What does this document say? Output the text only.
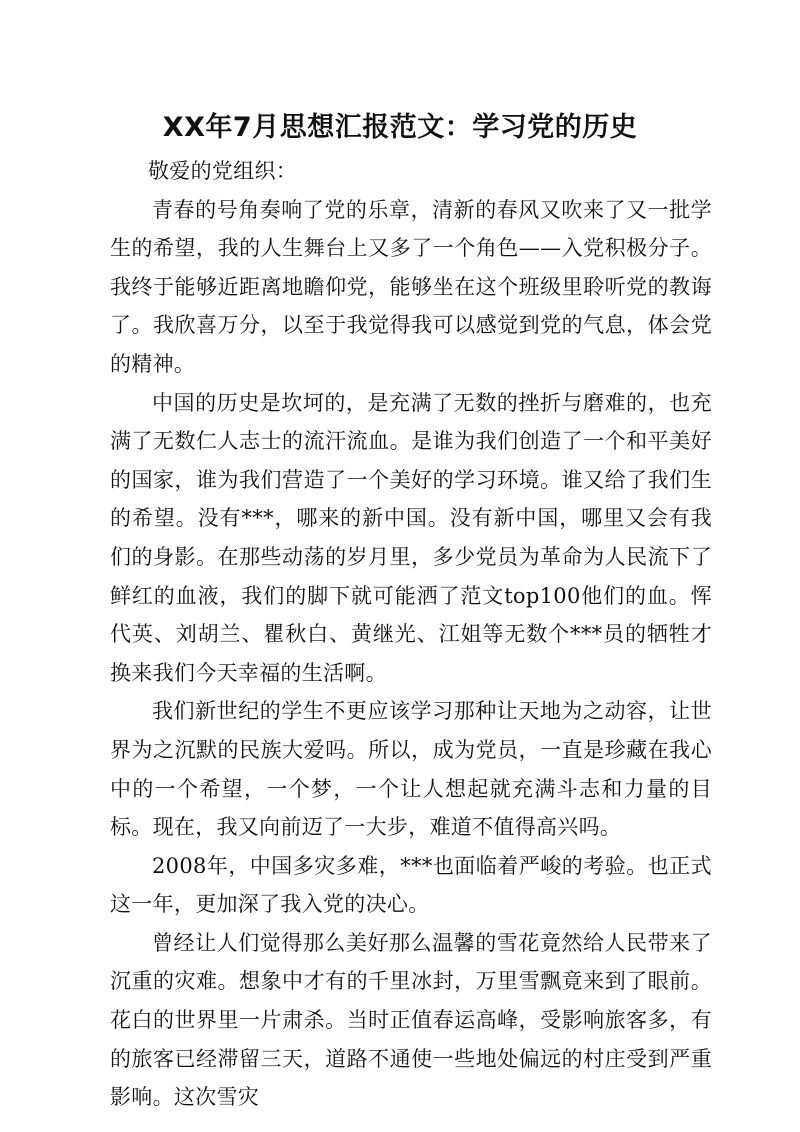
XX年7月思想汇报范文：学习党的历史

敬爱的党组织：

青春的号角奏响了党的乐章，清新的春风又吹来了又一批学生的希望，我的人生舞台上又多了一个角色——入党积极分子。我终于能够近距离地瞻仰党，能够坐在这个班级里聆听党的教诲了。我欣喜万分，以至于我觉得我可以感觉到党的气息，体会党的精神。

中国的历史是坎坷的，是充满了无数的挫折与磨难的，也充满了无数仁人志士的流汗流血。是谁为我们创造了一个和平美好的国家，谁为我们营造了一个美好的学习环境。谁又给了我们生的希望。没有***，哪来的新中国。没有新中国，哪里又会有我们的身影。在那些动荡的岁月里，多少党员为革命为人民流下了鲜红的血液，我们的脚下就可能洒了范文top100他们的血。恽代英、刘胡兰、瞿秋白、黄继光、江姐等无数个***员的牺牲才换来我们今天幸福的生活啊。

我们新世纪的学生不更应该学习那种让天地为之动容，让世界为之沉默的民族大爱吗。所以，成为党员，一直是珍藏在我心中的一个希望，一个梦，一个让人想起就充满斗志和力量的目标。现在，我又向前迈了一大步，难道不值得高兴吗。

2008年，中国多灾多难，***也面临着严峻的考验。也正式这一年，更加深了我入党的决心。

曾经让人们觉得那么美好那么温馨的雪花竟然给人民带来了沉重的灾难。想象中才有的千里冰封，万里雪飘竟来到了眼前。花白的世界里一片肃杀。当时正值春运高峰，受影响旅客多，有的旅客已经滞留三天，道路不通使一些地处偏远的村庄受到严重影响。这次雪灾
